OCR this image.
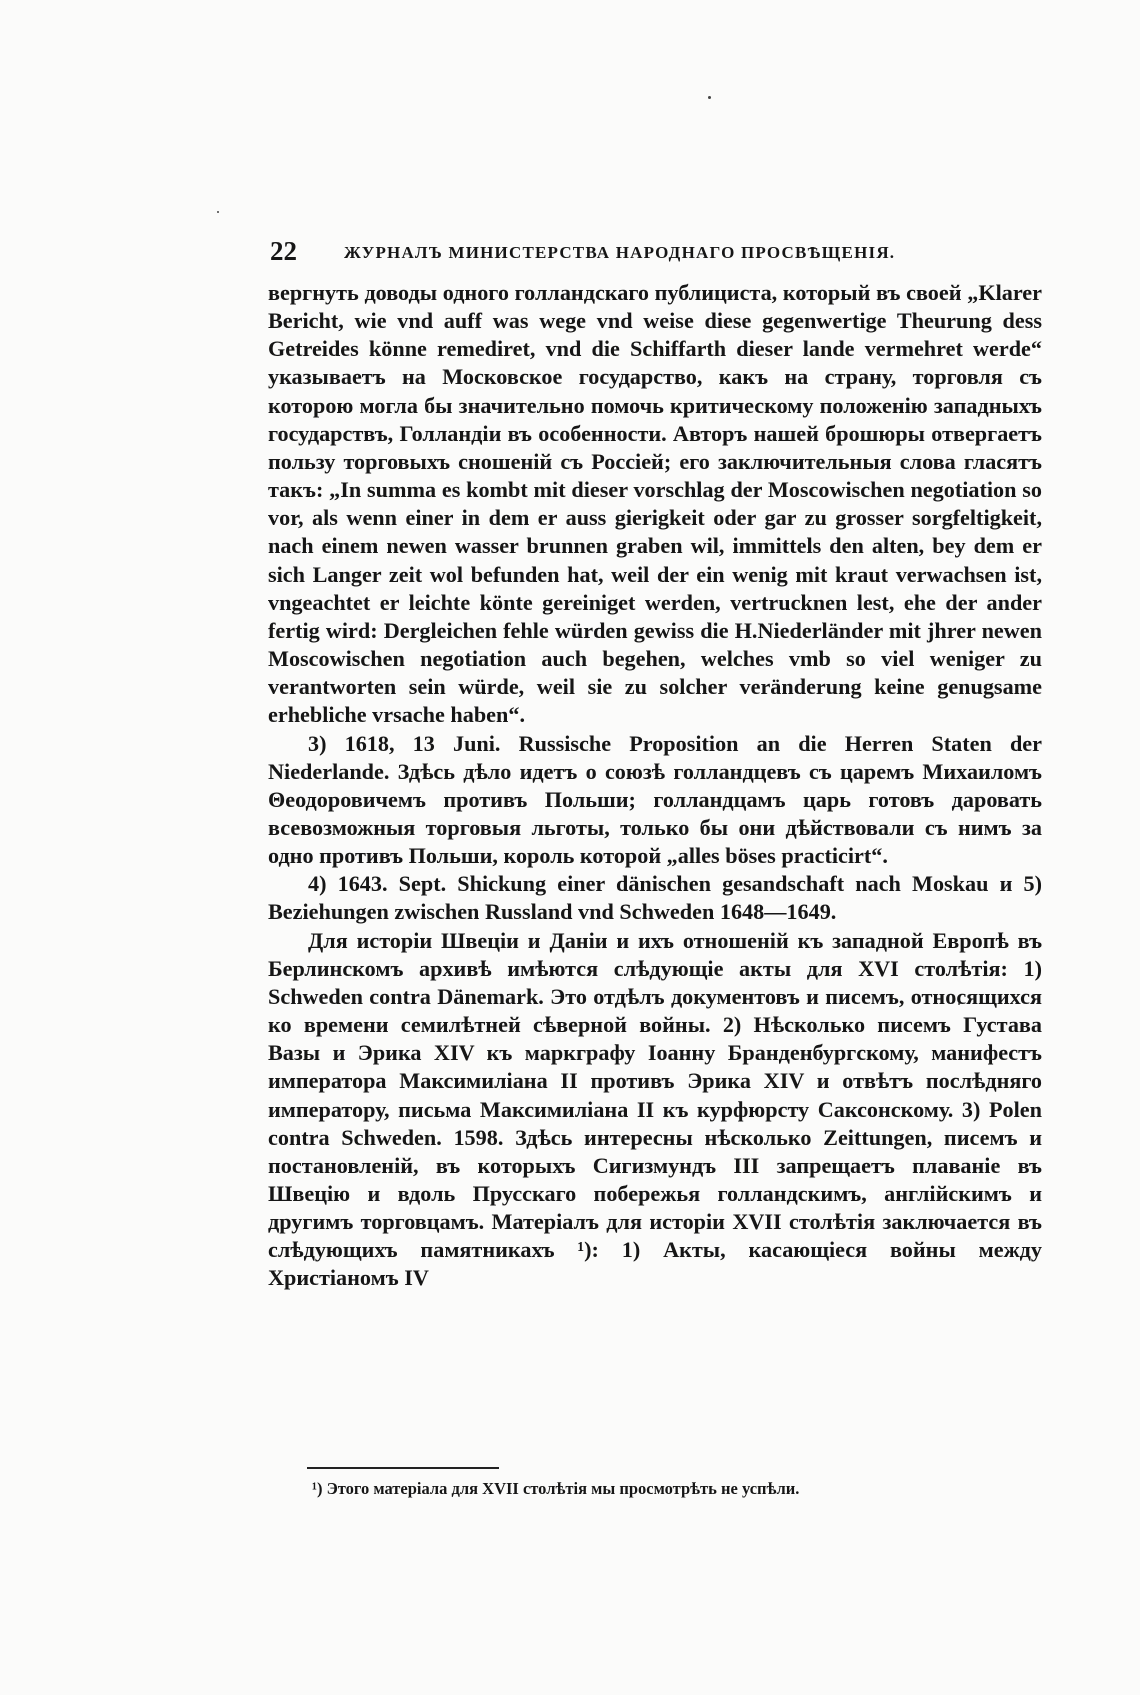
22	ЖУРНАЛЪ МИНИСТЕРСТВА НАРОДНАГО ПРОСВѢЩЕНІЯ.

вергнуть доводы одного голландскаго публициста, который въ своей „Klarer Bericht, wie vnd auff was wege vnd weise diese gegenwertige Theurung dess Getreides könne remediret, vnd die Schiffarth dieser lande vermehret werde“ указываетъ на Московское государство, какъ на страну, торговля съ которою могла бы значительно помочь критическому положенію западныхъ государствъ, Голландіи въ особенности. Авторъ нашей брошюры отвергаетъ пользу торговыхъ сношеній съ Россіей; его заключительныя слова гласятъ такъ: „In summa es kombt mit dieser vorschlag der Moscowischen negotiation so vor, als wenn einer in dem er auss gierigkeit oder gar zu grosser sorgfeltigkeit, nach einem newen wasser brunnen graben wil, immittels den alten, bey dem er sich Langer zeit wol befunden hat, weil der ein wenig mit kraut verwachsen ist, vngeachtet er leichte könte gereiniget werden, vertrucknen lest, ehe der ander fertig wird: Dergleichen fehle würden gewiss die H.Niederländer mit jhrer newen Moscowischen negotiation auch begehen, welches vmb so viel weniger zu verantworten sein würde, weil sie zu solcher veränderung keine genugsame erhebliche vrsache haben“.

3) 1618, 13 Juni. Russische Proposition an die Herren Staten der Niederlande. Здѣсь дѣло идетъ о союзѣ голландцевъ съ царемъ Михаиломъ Θеодоровичемъ противъ Польши; голландцамъ царь готовъ даровать всевозможныя торговыя льготы, только бы они дѣйствовали съ нимъ за одно противъ Польши, король которой „alles böses practicirt“.

4) 1643. Sept. Shickung einer dänischen gesandschaft nach Moskau и 5) Beziehungen zwischen Russland vnd Schweden 1648—1649.

Для исторіи Швеціи и Даніи и ихъ отношеній къ западной Европѣ въ Берлинскомъ архивѣ имѣются слѣдующіе акты для XVI столѣтія: 1) Schweden contra Dänemark. Это отдѣлъ документовъ и писемъ, относящихся ко времени семилѣтней сѣверной войны. 2) Нѣсколько писемъ Густава Вазы и Эрика XIV къ маркграфу Іоанну Бранденбургскому, манифестъ императора Максимиліана II противъ Эрика XIV и отвѣтъ послѣдняго императору, письма Максимиліана II къ курфюрсту Саксонскому. 3) Polen contra Schweden. 1598. Здѣсь интересны нѣсколько Zeittungen, писемъ и постановленій, въ которыхъ Сигизмундъ III запрещаетъ плаваніе въ Швецію и вдоль Прусскаго побережья голландскимъ, англійскимъ и другимъ торговцамъ. Матеріалъ для исторіи XVII столѣтія заключается въ слѣдующихъ памятникахъ ¹): 1) Акты, касающіеся войны между Христіаномъ IV

¹) Этого матеріала для XVII столѣтія мы просмотрѣть не успѣли.
